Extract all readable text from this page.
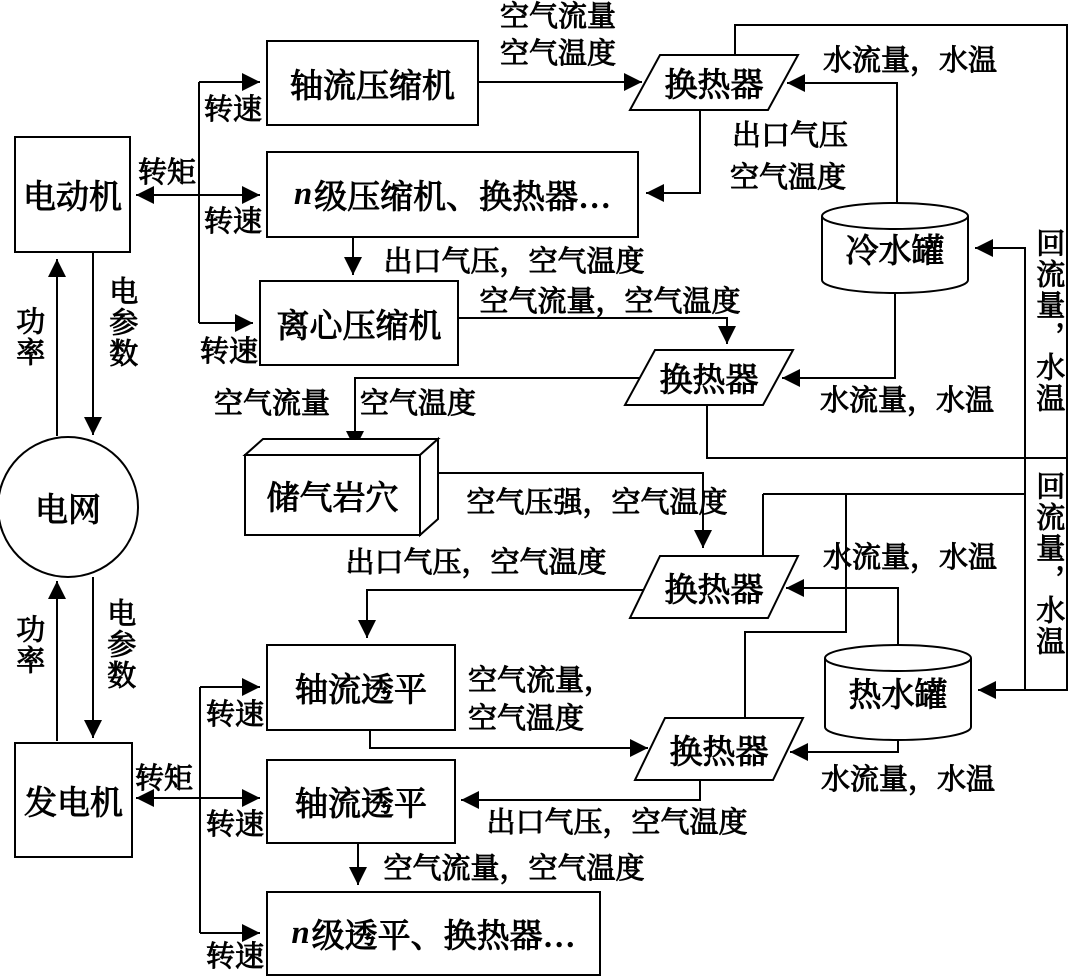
电动机
电网
发电机
轴流压缩机
n 级压缩机、换热器…
离心压缩机
储气岩穴
换热器
换热器
换热器
换热器
冷水罐
热水罐
轴流透平
轴流透平
n 级透平、换热器…
转矩
转速
转速
转速
功率 电参数
空气流量
空气温度
出口气压
空气温度
水流量，水温
出口气压，空气温度
空气流量，空气温度
空气流量 空气温度	水流量，水温	回流量，水温
空气压强，空气温度
出口气压，空气温度	水流量，水温	回流量，水温
空气流量，
空气温度
出口气压，空气温度
水流量，水温
空气流量，空气温度
转矩
转速
转速
转速
功率 电参数
